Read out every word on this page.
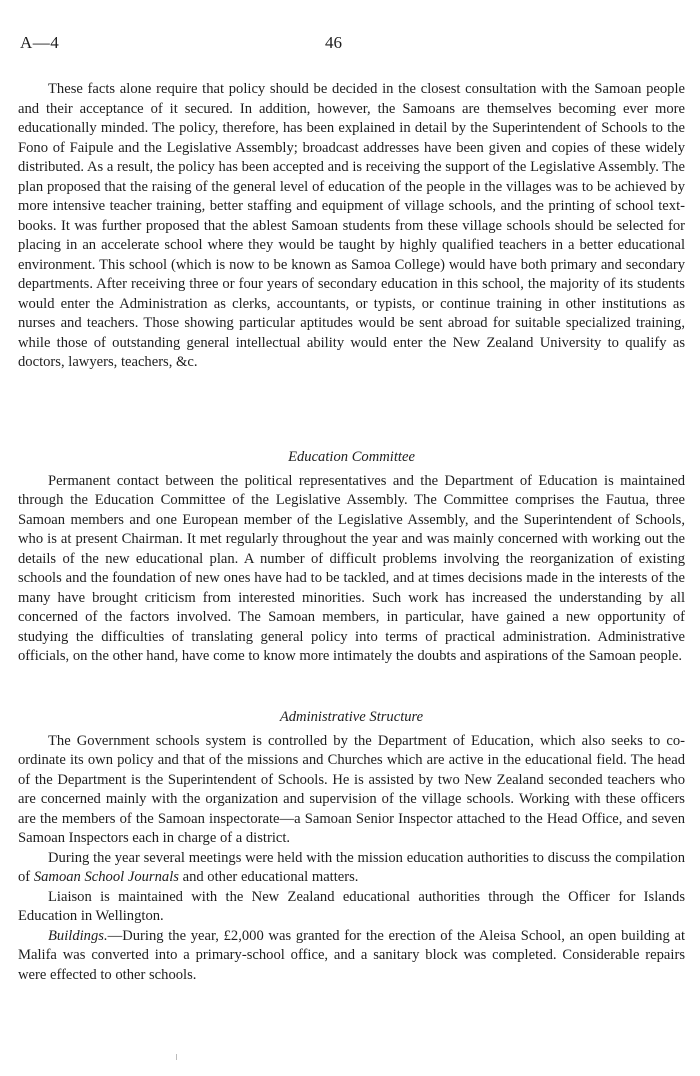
A—4	46

These facts alone require that policy should be decided in the closest consultation with the Samoan people and their acceptance of it secured. In addition, however, the Samoans are themselves becoming ever more educationally minded. The policy, therefore, has been explained in detail by the Superintendent of Schools to the Fono of Faipule and the Legislative Assembly; broadcast addresses have been given and copies of these widely distributed. As a result, the policy has been accepted and is receiving the support of the Legislative Assembly. The plan proposed that the raising of the general level of education of the people in the villages was to be achieved by more intensive teacher training, better staffing and equipment of village schools, and the printing of school text-books. It was further proposed that the ablest Samoan students from these village schools should be selected for placing in an accelerate school where they would be taught by highly qualified teachers in a better educational environment. This school (which is now to be known as Samoa College) would have both primary and secondary departments. After receiving three or four years of secondary education in this school, the majority of its students would enter the Administration as clerks, accountants, or typists, or continue training in other institutions as nurses and teachers. Those showing particular aptitudes would be sent abroad for suitable specialized training, while those of outstanding general intellectual ability would enter the New Zealand University to qualify as doctors, lawyers, teachers, &c.

Education Committee

Permanent contact between the political representatives and the Department of Education is maintained through the Education Committee of the Legislative Assembly. The Committee comprises the Fautua, three Samoan members and one European member of the Legislative Assembly, and the Superintendent of Schools, who is at present Chairman. It met regularly throughout the year and was mainly concerned with working out the details of the new educational plan. A number of difficult problems involving the reorganization of existing schools and the foundation of new ones have had to be tackled, and at times decisions made in the interests of the many have brought criticism from interested minorities. Such work has increased the understanding by all concerned of the factors involved. The Samoan members, in particular, have gained a new opportunity of studying the difficulties of translating general policy into terms of practical administration. Administrative officials, on the other hand, have come to know more intimately the doubts and aspirations of the Samoan people.

Administrative Structure

The Government schools system is controlled by the Department of Education, which also seeks to co-ordinate its own policy and that of the missions and Churches which are active in the educational field. The head of the Department is the Superintendent of Schools. He is assisted by two New Zealand seconded teachers who are concerned mainly with the organization and supervision of the village schools. Working with these officers are the members of the Samoan inspectorate—a Samoan Senior Inspector attached to the Head Office, and seven Samoan Inspectors each in charge of a district.

During the year several meetings were held with the mission education authorities to discuss the compilation of Samoan School Journals and other educational matters.

Liaison is maintained with the New Zealand educational authorities through the Officer for Islands Education in Wellington.

Buildings.—During the year, £2,000 was granted for the erection of the Aleisa School, an open building at Malifa was converted into a primary-school office, and a sanitary block was completed. Considerable repairs were effected to other schools.
